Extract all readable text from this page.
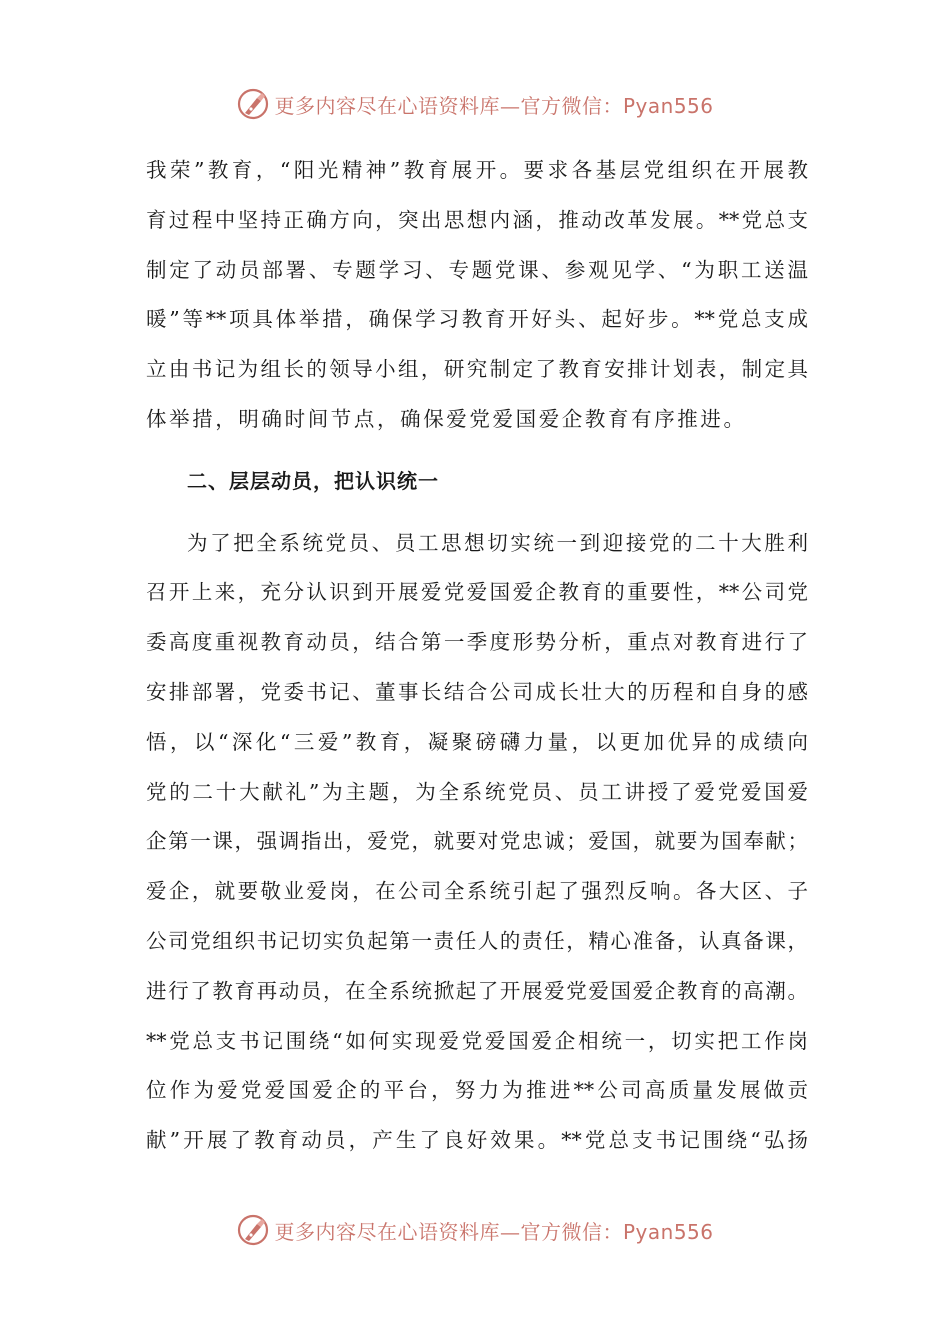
更多内容尽在心语资料库—官方微信：Pyan556
我荣”教育，“阳光精神”教育展开。要求各基层党组织在开展教
育过程中坚持正确方向，突出思想内涵，推动改革发展。**党总支
制定了动员部署、专题学习、专题党课、参观见学、“为职工送温
暖”等**项具体举措，确保学习教育开好头、起好步。**党总支成
立由书记为组长的领导小组，研究制定了教育安排计划表，制定具
体举措，明确时间节点，确保爱党爱国爱企教育有序推进。
二、层层动员，把认识统一
为了把全系统党员、员工思想切实统一到迎接党的二十大胜利
召开上来，充分认识到开展爱党爱国爱企教育的重要性，**公司党
委高度重视教育动员，结合第一季度形势分析，重点对教育进行了
安排部署，党委书记、董事长结合公司成长壮大的历程和自身的感
悟，以“深化“三爱”教育，凝聚磅礴力量，以更加优异的成绩向
党的二十大献礼”为主题，为全系统党员、员工讲授了爱党爱国爱
企第一课，强调指出，爱党，就要对党忠诚；爱国，就要为国奉献；
爱企，就要敬业爱岗，在公司全系统引起了强烈反响。各大区、子
公司党组织书记切实负起第一责任人的责任，精心准备，认真备课，
进行了教育再动员，在全系统掀起了开展爱党爱国爱企教育的高潮。
**党总支书记围绕“如何实现爱党爱国爱企相统一，切实把工作岗
位作为爱党爱国爱企的平台，努力为推进**公司高质量发展做贡
献”开展了教育动员，产生了良好效果。**党总支书记围绕“弘扬
更多内容尽在心语资料库—官方微信：Pyan556
